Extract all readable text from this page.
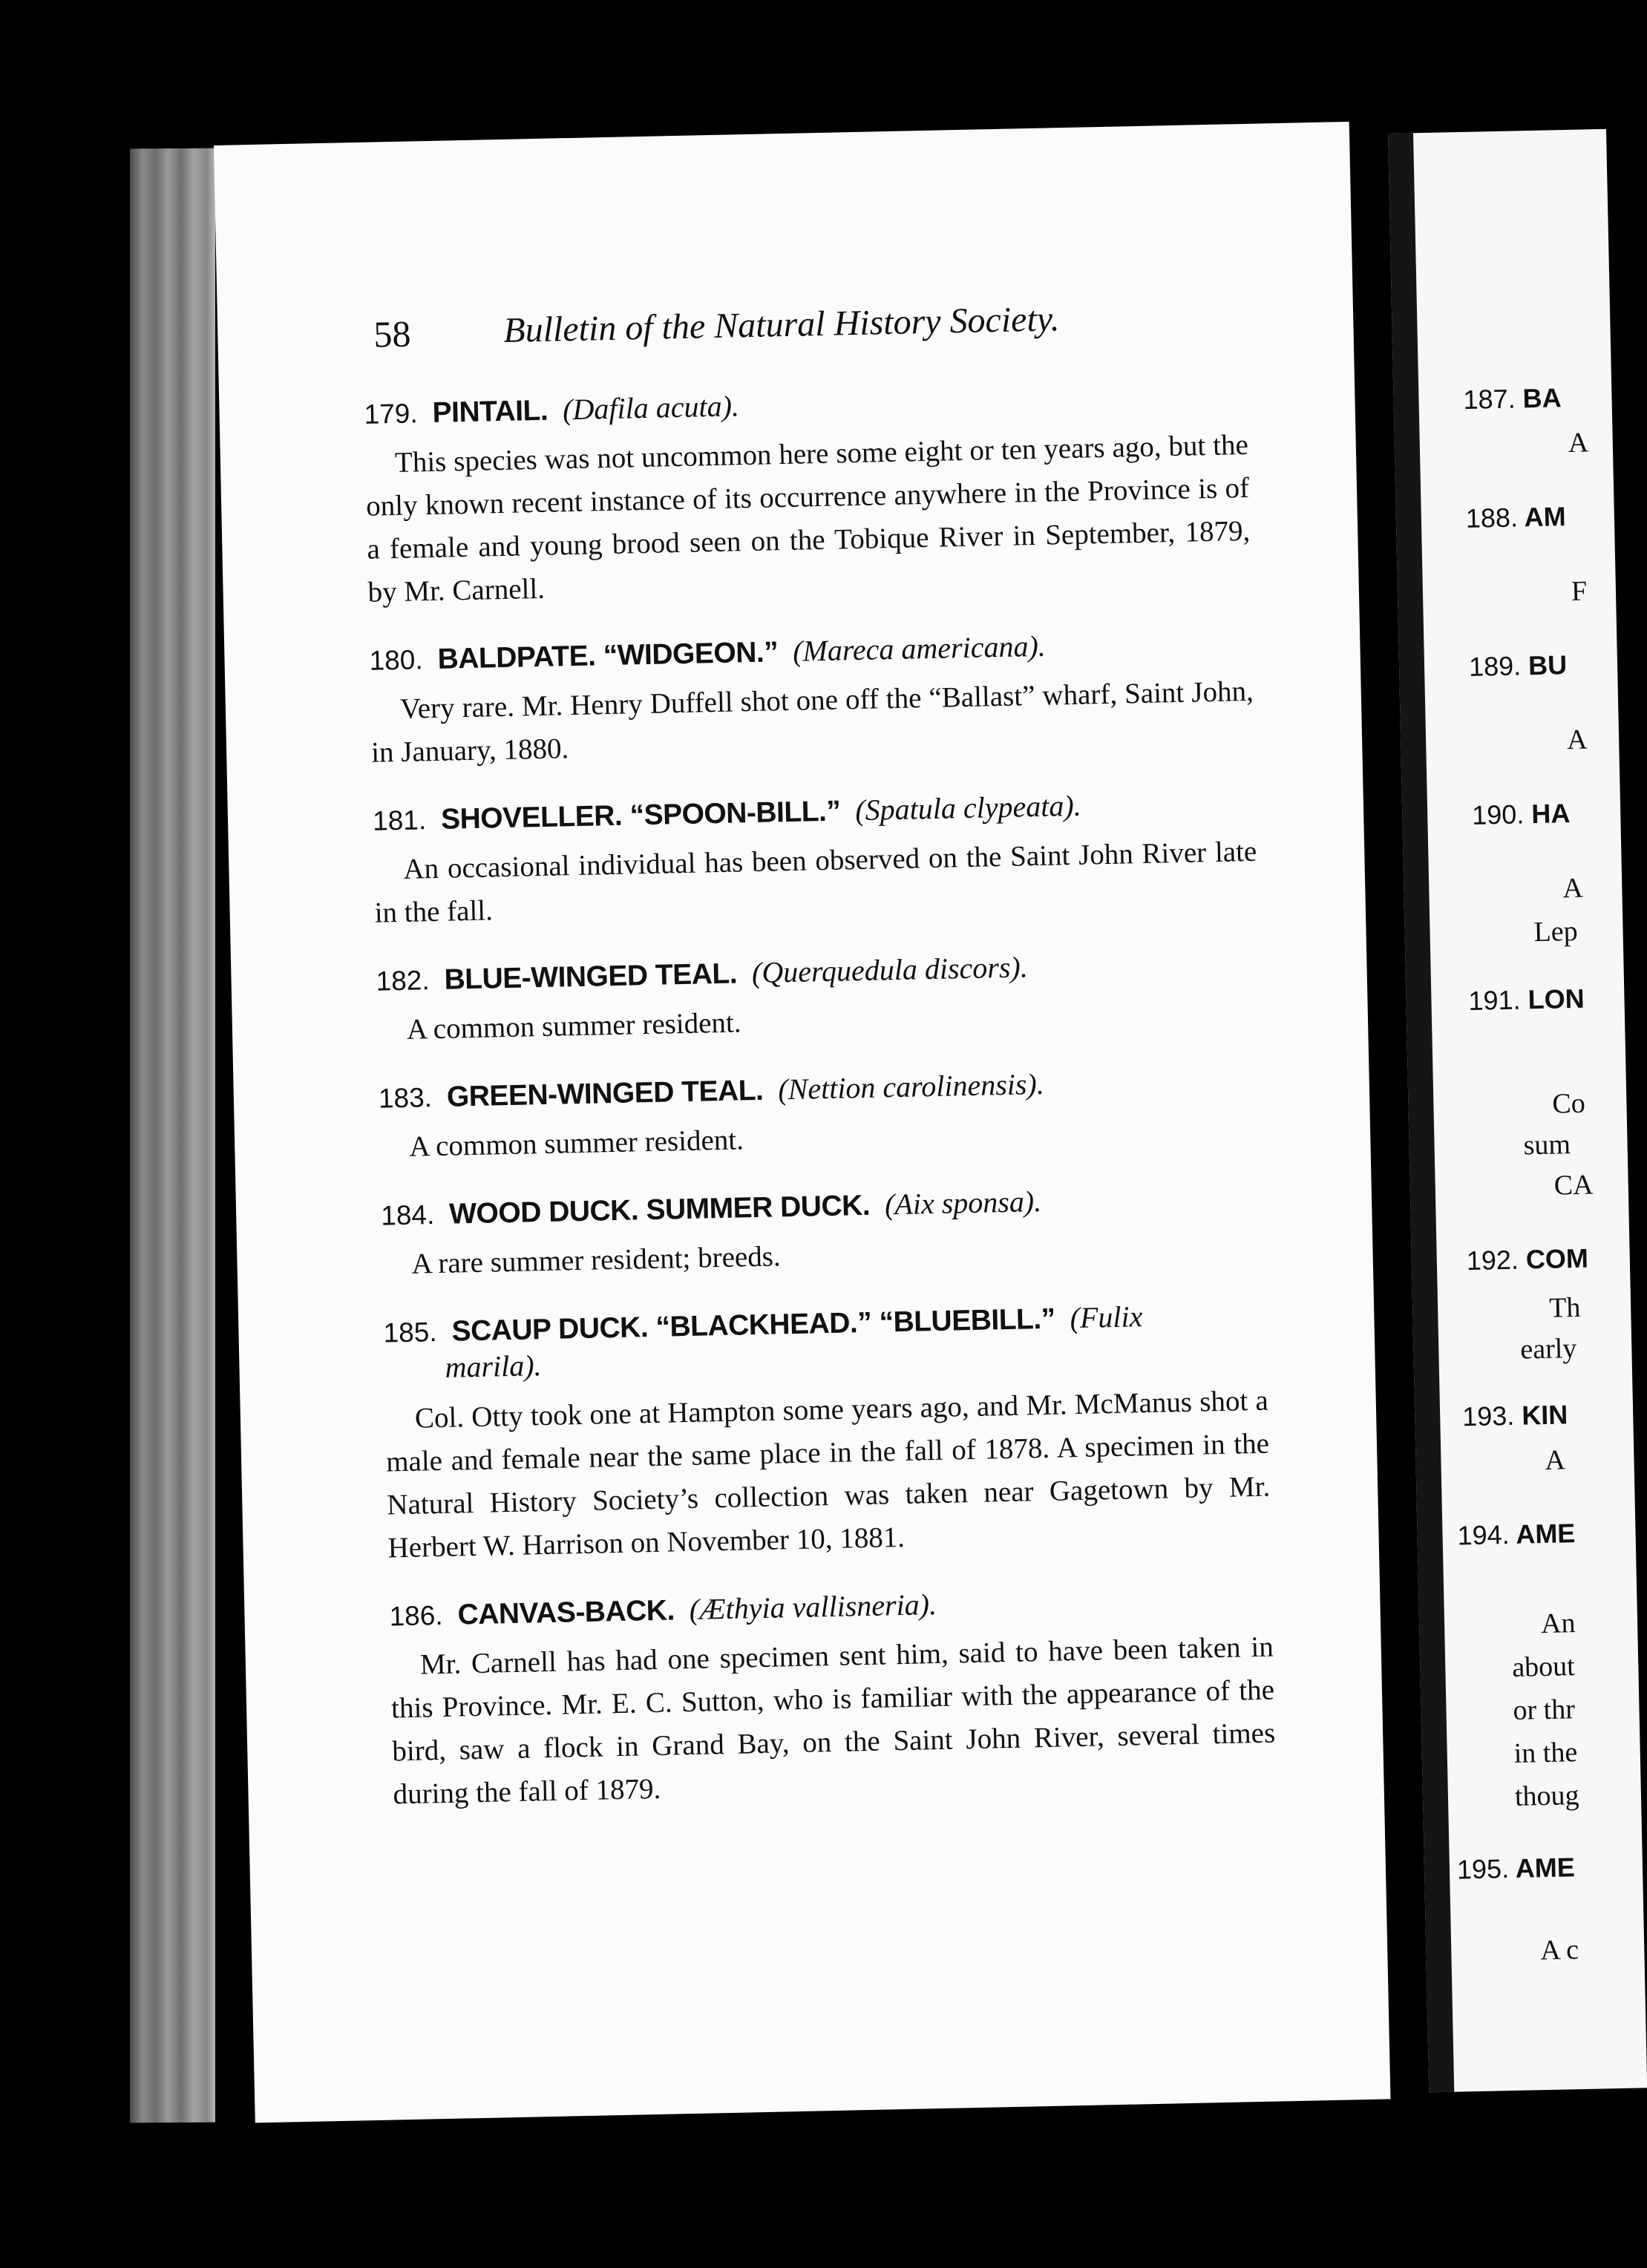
58	Bulletin of the Natural History Society.
179. PINTAIL. (Dafila acuta).
This species was not uncommon here some eight or ten years ago, but the only known recent instance of its occurrence anywhere in the Province is of a female and young brood seen on the Tobique River in September, 1879, by Mr. Carnell.
180. BALDPATE. “WIDGEON.” (Mareca americana).
Very rare. Mr. Henry Duffell shot one off the “Ballast” wharf, Saint John, in January, 1880.
181. SHOVELLER. “SPOON-BILL.” (Spatula clypeata).
An occasional individual has been observed on the Saint John River late in the fall.
182. BLUE-WINGED TEAL. (Querquedula discors).
A common summer resident.
183. GREEN-WINGED TEAL. (Nettion carolinensis).
A common summer resident.
184. WOOD DUCK. SUMMER DUCK. (Aix sponsa).
A rare summer resident; breeds.
185. SCAUP DUCK. “BLACKHEAD.” “BLUEBILL.” (Fulix
marila).
Col. Otty took one at Hampton some years ago, and Mr. McManus shot a male and female near the same place in the fall of 1878. A specimen in the Natural History Society’s collection was taken near Gagetown by Mr. Herbert W. Harrison on November 10, 1881.
186. CANVAS-BACK. (Æthyia vallisneria).
Mr. Carnell has had one specimen sent him, said to have been taken in this Province. Mr. E. C. Sutton, who is familiar with the appearance of the bird, saw a flock in Grand Bay, on the Saint John River, several times during the fall of 1879.
187. BA
A
188. AM
F
189. BU
A
190. HA
A
Lep
191. LON
Co
sum
CA
192. COM
Th
early
193. KIN
A
194. AME
An
about
or thr
in the
thoug
195. AME
A c
